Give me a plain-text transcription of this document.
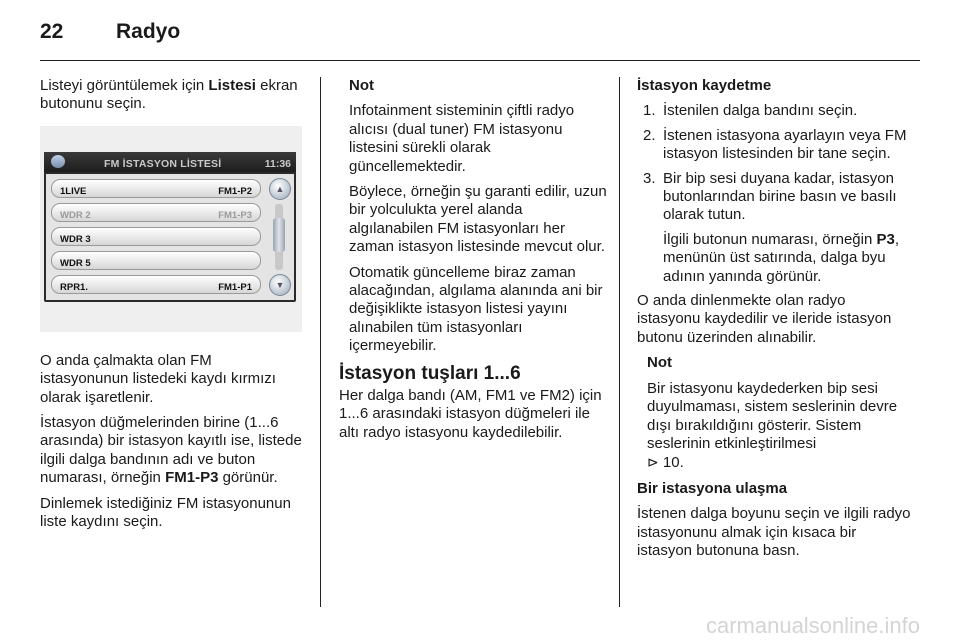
22	Radyo

Listeyi görüntülemek için Listesi ekran butonunu seçin.

FM İSTASYON LİSTESİ	11:36
1LIVE	FM1-P2
WDR 2	FM1-P3
WDR 3
WDR 5
RPR1.	FM1-P1
▲
▼

O anda çalmakta olan FM istasyonunun listedeki kaydı kırmızı olarak işaretlenir.

İstasyon düğmelerinden birine (1...6 arasında) bir istasyon kayıtlı ise, listede ilgili dalga bandının adı ve buton numarası, örneğin FM1-P3 görünür.

Dinlemek istediğiniz FM istasyonunun liste kaydını seçin.

Not

Infotainment sisteminin çiftli radyo alıcısı (dual tuner) FM istasyonu listesini sürekli olarak güncellemektedir.

Böylece, örneğin şu garanti edilir, uzun bir yolculukta yerel alanda algılanabilen FM istasyonları her zaman istasyon listesinde mevcut olur.

Otomatik güncelleme biraz zaman alacağından, algılama alanında ani bir değişiklikte istasyon listesi yayını alınabilen tüm istasyonları içermeyebilir.

İstasyon tuşları 1...6

Her dalga bandı (AM, FM1 ve FM2) için 1...6 arasındaki istasyon düğmeleri ile altı radyo istasyonu kaydedilebilir.

İstasyon kaydetme

1. İstenilen dalga bandını seçin.
2. İstenen istasyona ayarlayın veya FM istasyon listesinden bir tane seçin.
3. Bir bip sesi duyana kadar, istasyon butonlarından birine basın ve basılı olarak tutun.
İlgili butonun numarası, örneğin P3, menünün üst satırında, dalga byu adının yanında görünür.

O anda dinlenmekte olan radyo istasyonu kaydedilir ve ileride istasyon butonu üzerinden alınabilir.

Not

Bir istasyonu kaydederken bip sesi duyulmaması, sistem seslerinin devre dışı bırakıldığını gösterir. Sistem seslerinin etkinleştirilmesi
⊳ 10.

Bir istasyona ulaşma

İstenen dalga boyunu seçin ve ilgili radyo istasyonunu almak için kısaca bir istasyon butonuna basn.

carmanualsonline.info
